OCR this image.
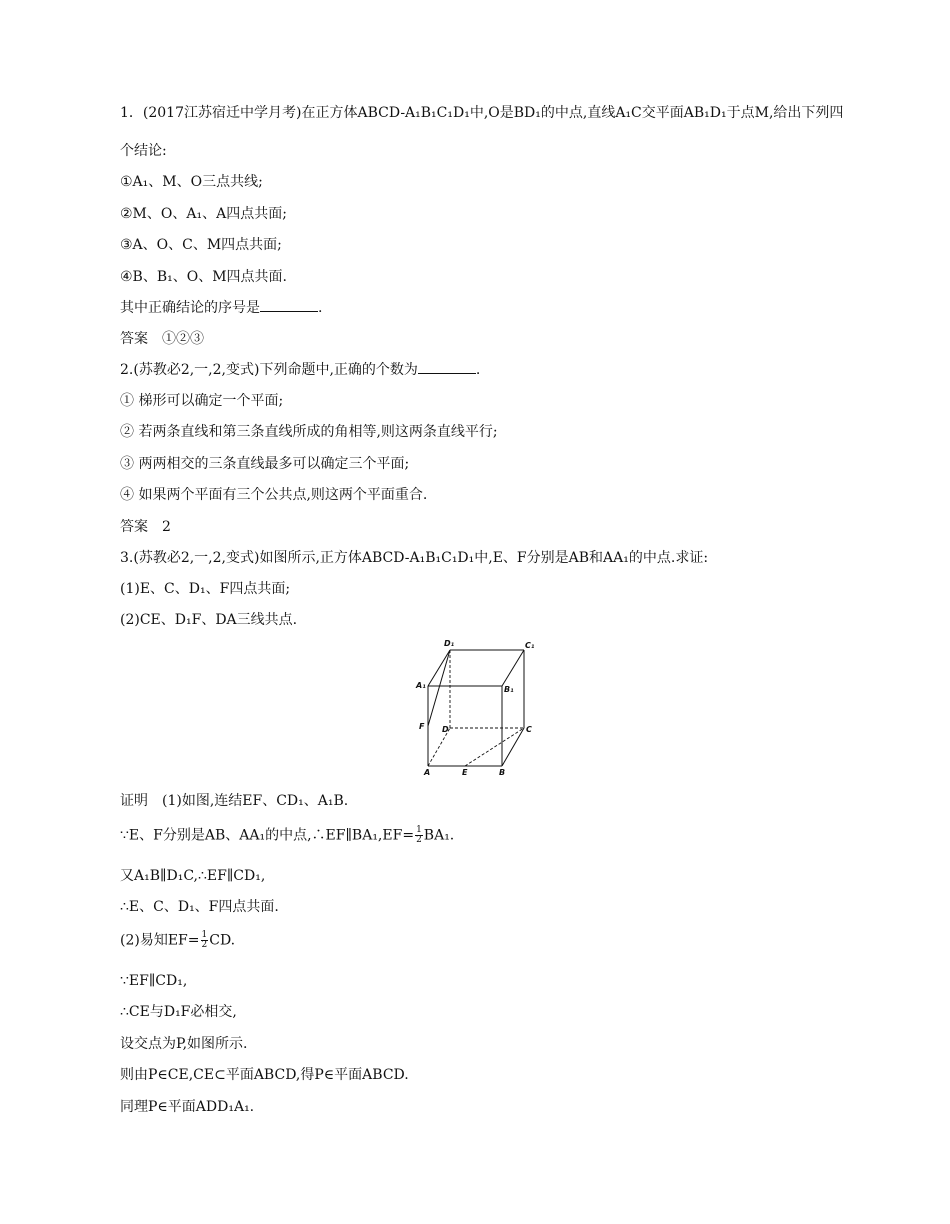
1．(2017江苏宿迁中学月考)在正方体ABCD-A₁B₁C₁D₁中,O是BD₁的中点,直线A₁C交平面AB₁D₁于点M,给出下列四
个结论:
①A₁、M、O三点共线;
②M、O、A₁、A四点共面;
③A、O、C、M四点共面;
④B、B₁、O、M四点共面.
其中正确结论的序号是	.
答案　①②③
2.(苏教必2,一,2,变式)下列命题中,正确的个数为	.
① 梯形可以确定一个平面;
② 若两条直线和第三条直线所成的角相等,则这两条直线平行;
③ 两两相交的三条直线最多可以确定三个平面;
④ 如果两个平面有三个公共点,则这两个平面重合.
答案　2
3.(苏教必2,一,2,变式)如图所示,正方体ABCD-A₁B₁C₁D₁中,E、F分别是AB和AA₁的中点.求证:
(1)E、C、D₁、F四点共面;
(2)CE、D₁F、DA三线共点.
D₁	C₁
A₁	B₁
F D	C
A	E	B
证明　(1)如图,连结EF、CD₁、A₁B.
∵E、F分别是AB、AA₁的中点,∴EF∥BA₁,EF= $\frac{1}{2} BA_1$.
又A₁B∥D₁C,∴EF∥CD₁,
∴E、C、D₁、F四点共面.
(2)易知$EF= \frac{1}{2}$ CD.
∵EF∥CD₁,
∴CE与D₁F必相交,
设交点为P,如图所示.
则由P∈CE,CE⊂平面ABCD,得P∈平面ABCD.
同理P∈平面ADD₁A₁.
